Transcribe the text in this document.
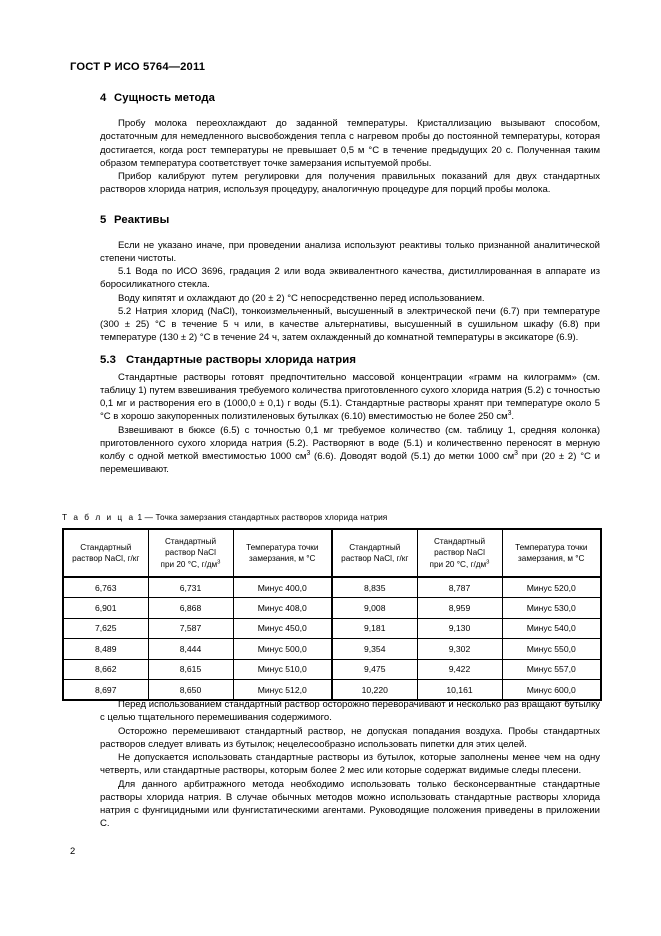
ГОСТ Р ИСО 5764—2011
4 Сущность метода

Пробу молока переохлаждают до заданной температуры. Кристаллизацию вызывают способом, достаточным для немедленного высвобождения тепла с нагревом пробы до постоянной температуры, которая достигается, когда рост температуры не превышает 0,5 м °С в течение предыдущих 20 с. Полученная таким образом температура соответствует точке замерзания испытуемой пробы.

Прибор калибруют путем регулировки для получения правильных показаний для двух стандартных растворов хлорида натрия, используя процедуру, аналогичную процедуре для порций пробы молока.

5 Реактивы

Если не указано иначе, при проведении анализа используют реактивы только признанной аналитической степени чистоты.

5.1 Вода по ИСО 3696, градация 2 или вода эквивалентного качества, дистиллированная в аппарате из боросиликатного стекла.

Воду кипятят и охлаждают до (20 ± 2) °С непосредственно перед использованием.

5.2 Натрия хлорид (NaCl), тонкоизмельченный, высушенный в электрической печи (6.7) при температуре (300 ± 25) °С в течение 5 ч или, в качестве альтернативы, высушенный в сушильном шкафу (6.8) при температуре (130 ± 2) °С в течение 24 ч, затем охлажденный до комнатной температуры в эксикаторе (6.9).

5.3 Стандартные растворы хлорида натрия

Стандартные растворы готовят предпочтительно массовой концентрации «грамм на килограмм» (см. таблицу 1) путем взвешивания требуемого количества приготовленного сухого хлорида натрия (5.2) с точностью 0,1 мг и растворения его в (1000,0 ± 0,1) г воды (5.1). Стандартные растворы хранят при температуре около 5 °С в хорошо закупоренных полизтиленовых бутылках (6.10) вместимостью не более 250 $см^3$.

Взвешивают в бюксе (6.5) с точностью 0,1 мг требуемое количество (см. таблицу 1, средняя колонка) приготовленного сухого хлорида натрия (5.2). Растворяют в воде (5.1) и количественно переносят в мерную колбу с одной меткой вместимостью 1000 $см^3$ (6.6). Доводят водой (5.1) до метки 1000 $см^3$ при (20 ± 2) °С и перемешивают.

Т а б л и ц а 1 — Точка замерзания стандартных растворов хлорида натрия
Стандартный
раствор NaCl, г/кг	Стандартный
раствор NaCl
при 20 °C, $г/дм^3$	Температура точки
замерзания, м °С	Стандартный
раствор NaCl, г/кг	Стандартный
раствор NaCl
при 20 °C, $г/дм^3$	Температура точки
замерзания, м °С
6,763	6,731	Минус 400,0	8,835	8,787	Минус 520,0
6,901	6,868	Минус 408,0	9,008	8,959	Минус 530,0
7,625	7,587	Минус 450,0	9,181	9,130	Минус 540,0
8,489	8,444	Минус 500,0	9,354	9,302	Минус 550,0
8,662	8,615	Минус 510,0	9,475	9,422	Минус 557,0
8,697	8,650	Минус 512,0	10,220	10,161	Минус 600,0

Перед использованием стандартный раствор осторожно переворачивают и несколько раз вращают бутылку с целью тщательного перемешивания содержимого.

Осторожно перемешивают стандартный раствор, не допуская попадания воздуха. Пробы стандартных растворов следует вливать из бутылок; нецелесообразно использовать пипетки для этих целей.

Не допускается использовать стандартные растворы из бутылок, которые заполнены менее чем на одну четверть, или стандартные растворы, которым более 2 мес или которые содержат видимые следы плесени.

Для данного арбитражного метода необходимо использовать только бесконсервантные стандартные растворы хлорида натрия. В случае обычных методов можно использовать стандартные растворы хлорида натрия с фунгицидными или фунгистатическими агентами. Руководящие положения приведены в приложении С.

2
